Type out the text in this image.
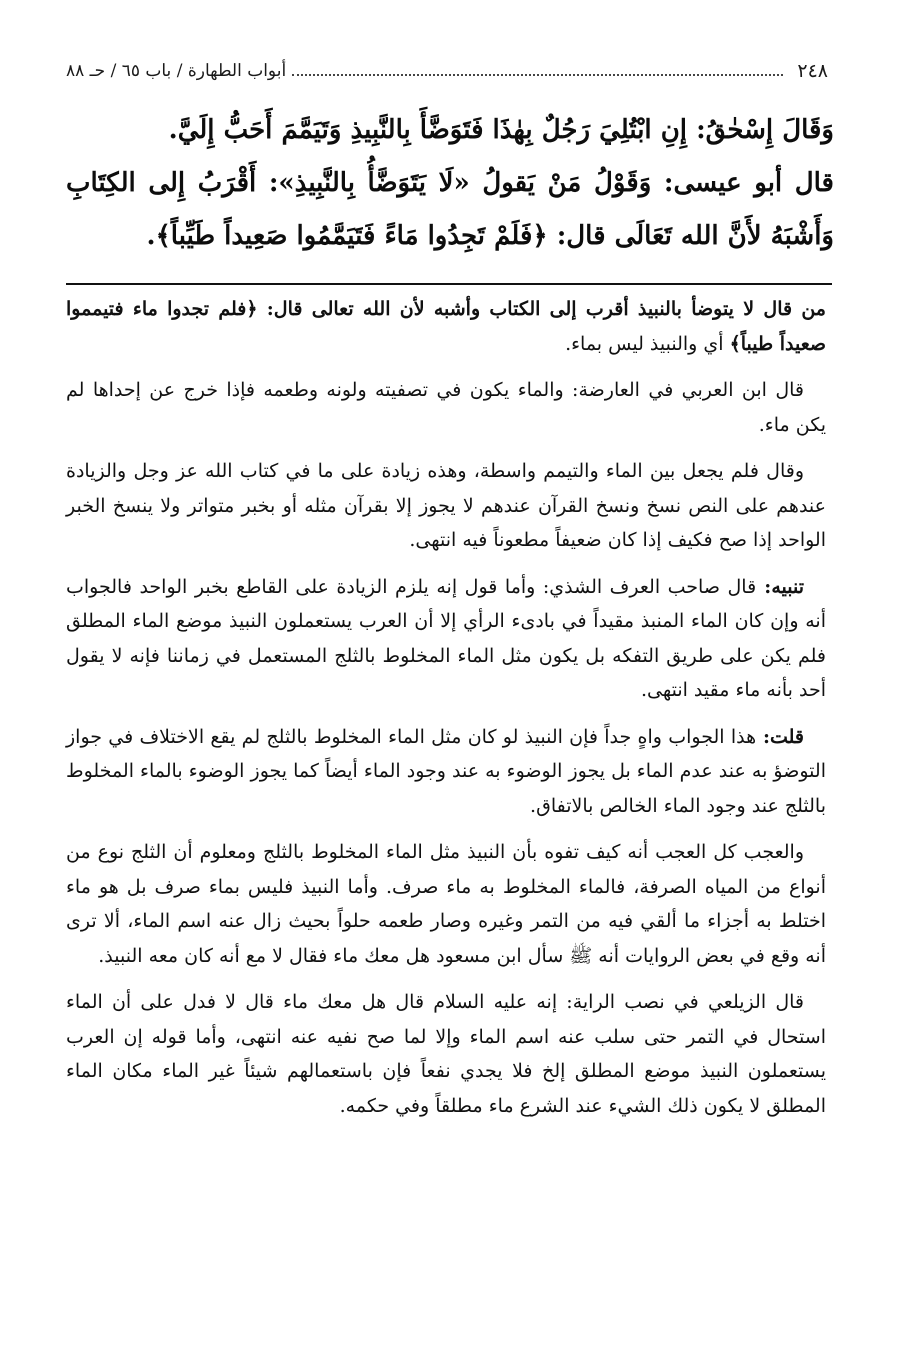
٢٤٨
أبواب الطهارة / باب ٦٥ / حـ ٨٨

وَقَالَ إِسْحٰقُ: إِنِ ابْتُلِيَ رَجُلٌ بِهٰذَا فَتَوَضَّأَ بِالنَّبِيذِ وَتَيَمَّمَ أَحَبُّ إِلَيَّ.

قال أبو عيسى: وَقَوْلُ مَنْ يَقولُ «لَا يَتَوَضَّأُ بِالنَّبِيذِ»: أَقْرَبُ إِلى الكِتَابِ وَأَشْبَهُ لأَنَّ الله تَعَالَى قال: ﴿فَلَمْ تَجِدُوا مَاءً فَتَيَمَّمُوا صَعِيداً طَيِّباً﴾.

من قال لا يتوضأ بالنبيذ أقرب إلى الكتاب وأشبه لأن الله تعالى قال: ﴿فلم تجدوا ماء فتيمموا صعيداً طيباً﴾ أي والنبيذ ليس بماء.

قال ابن العربي في العارضة: والماء يكون في تصفيته ولونه وطعمه فإذا خرج عن إحداها لم يكن ماء.

وقال فلم يجعل بين الماء والتيمم واسطة، وهذه زيادة على ما في كتاب الله عز وجل والزيادة عندهم على النص نسخ ونسخ القرآن عندهم لا يجوز إلا بقرآن مثله أو بخبر متواتر ولا ينسخ الخبر الواحد إذا صح فكيف إذا كان ضعيفاً مطعوناً فيه انتهى.

تنبيه: قال صاحب العرف الشذي: وأما قول إنه يلزم الزيادة على القاطع بخبر الواحد فالجواب أنه وإن كان الماء المنبذ مقيداً في بادىء الرأي إلا أن العرب يستعملون النبيذ موضع الماء المطلق فلم يكن على طريق التفكه بل يكون مثل الماء المخلوط بالثلج المستعمل في زماننا فإنه لا يقول أحد بأنه ماء مقيد انتهى.

قلت: هذا الجواب واهٍ جداً فإن النبيذ لو كان مثل الماء المخلوط بالثلج لم يقع الاختلاف في جواز التوضؤ به عند عدم الماء بل يجوز الوضوء به عند وجود الماء أيضاً كما يجوز الوضوء بالماء المخلوط بالثلج عند وجود الماء الخالص بالاتفاق.

والعجب كل العجب أنه كيف تفوه بأن النبيذ مثل الماء المخلوط بالثلج ومعلوم أن الثلج نوع من أنواع من المياه الصرفة، فالماء المخلوط به ماء صرف. وأما النبيذ فليس بماء صرف بل هو ماء اختلط به أجزاء ما ألقي فيه من التمر وغيره وصار طعمه حلواً بحيث زال عنه اسم الماء، ألا ترى أنه وقع في بعض الروايات أنه ﷺ سأل ابن مسعود هل معك ماء فقال لا مع أنه كان معه النبيذ.

قال الزيلعي في نصب الراية: إنه عليه السلام قال هل معك ماء قال لا فدل على أن الماء استحال في التمر حتى سلب عنه اسم الماء وإلا لما صح نفيه عنه انتهى، وأما قوله إن العرب يستعملون النبيذ موضع المطلق إلخ فلا يجدي نفعاً فإن باستعمالهم شيئاً غير الماء مكان الماء المطلق لا يكون ذلك الشيء عند الشرع ماء مطلقاً وفي حكمه.
